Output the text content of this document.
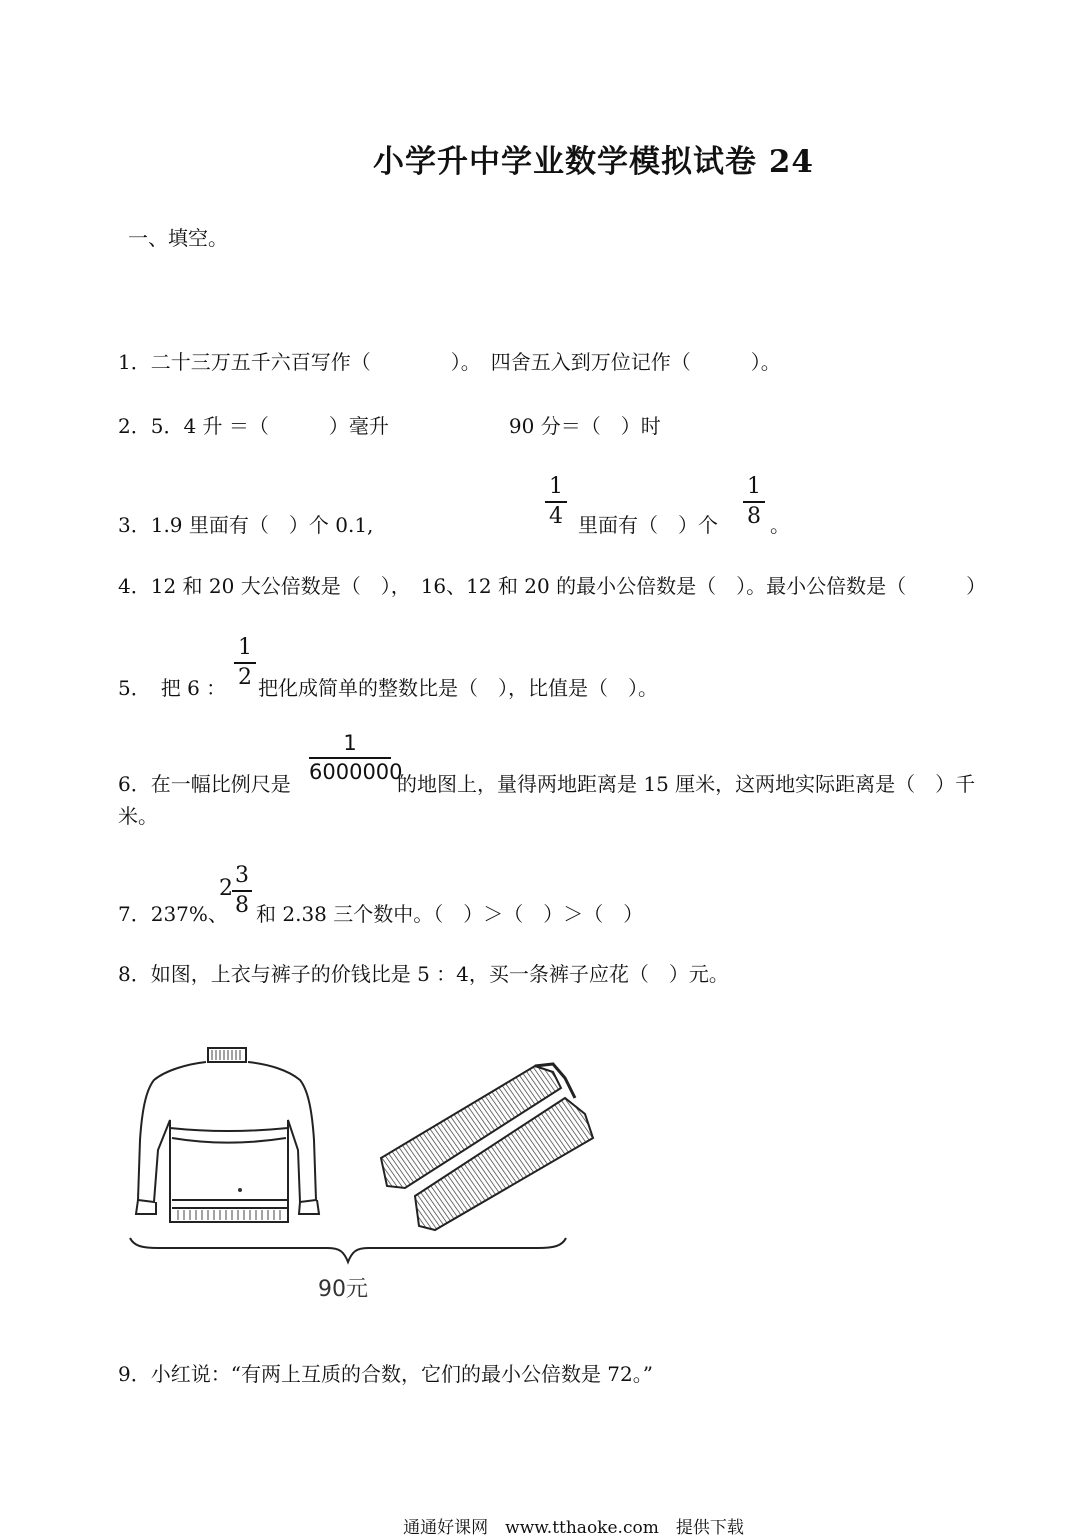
小学升中学业数学模拟试卷 24
一、填空。
1．二十三万五千六百写作（　　　　）。　四舍五入到万位记作（　　　）。
2．5．4 升 ＝（　　　）毫升　　　　　　90 分＝（　）时
3．1.9 里面有（　）个 0.1,
1
4 里面有（　）个
1
8 。
4．12 和 20 大公倍数是（　），　16、12 和 20 的最小公倍数是（　）。最小公倍数是（　　　）
5．　把 6 ：
1
2 把化成简单的整数比是（　），比值是（　）。
6．在一幅比例尺是
1
6000000
的地图上，量得两地距离是 15 厘米，这两地实际距离是（　）千
米。
7．237%、
2
3
8 和 2.38 三个数中。（　）＞（　）＞（　）
8．如图，上衣与裤子的价钱比是 5 ：4，买一条裤子应花（　）元。
90元
9．小红说：“有两上互质的合数，它们的最小公倍数是 72。”
通通好课网　www.tthaoke.com　提供下载
